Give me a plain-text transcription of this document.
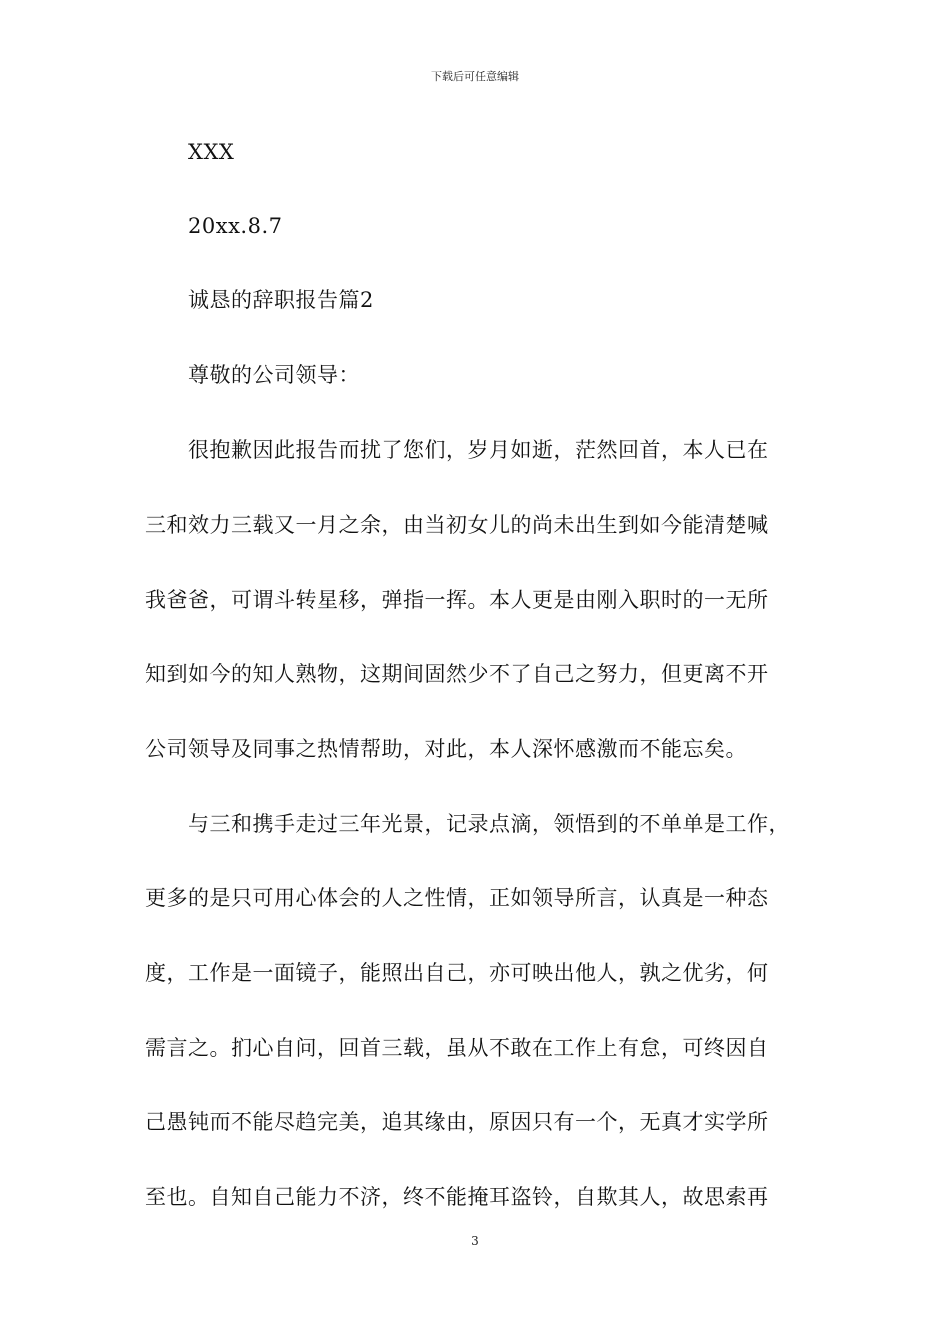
下载后可任意编辑
XXX
20xx.8.7
诚恳的辞职报告篇2
尊敬的公司领导：
很抱歉因此报告而扰了您们，岁月如逝，茫然回首，本人已在
三和效力三载又一月之余，由当初女儿的尚未出生到如今能清楚喊
我爸爸，可谓斗转星移，弹指一挥。本人更是由刚入职时的一无所
知到如今的知人熟物，这期间固然少不了自己之努力，但更离不开
公司领导及同事之热情帮助，对此，本人深怀感激而不能忘矣。
与三和携手走过三年光景，记录点滴，领悟到的不单单是工作，
更多的是只可用心体会的人之性情，正如领导所言，认真是一种态
度，工作是一面镜子，能照出自己，亦可映出他人，孰之优劣，何
需言之。扪心自问，回首三载，虽从不敢在工作上有怠，可终因自
己愚钝而不能尽趋完美，追其缘由，原因只有一个，无真才实学所
至也。自知自己能力不济，终不能掩耳盗铃，自欺其人，故思索再
3
